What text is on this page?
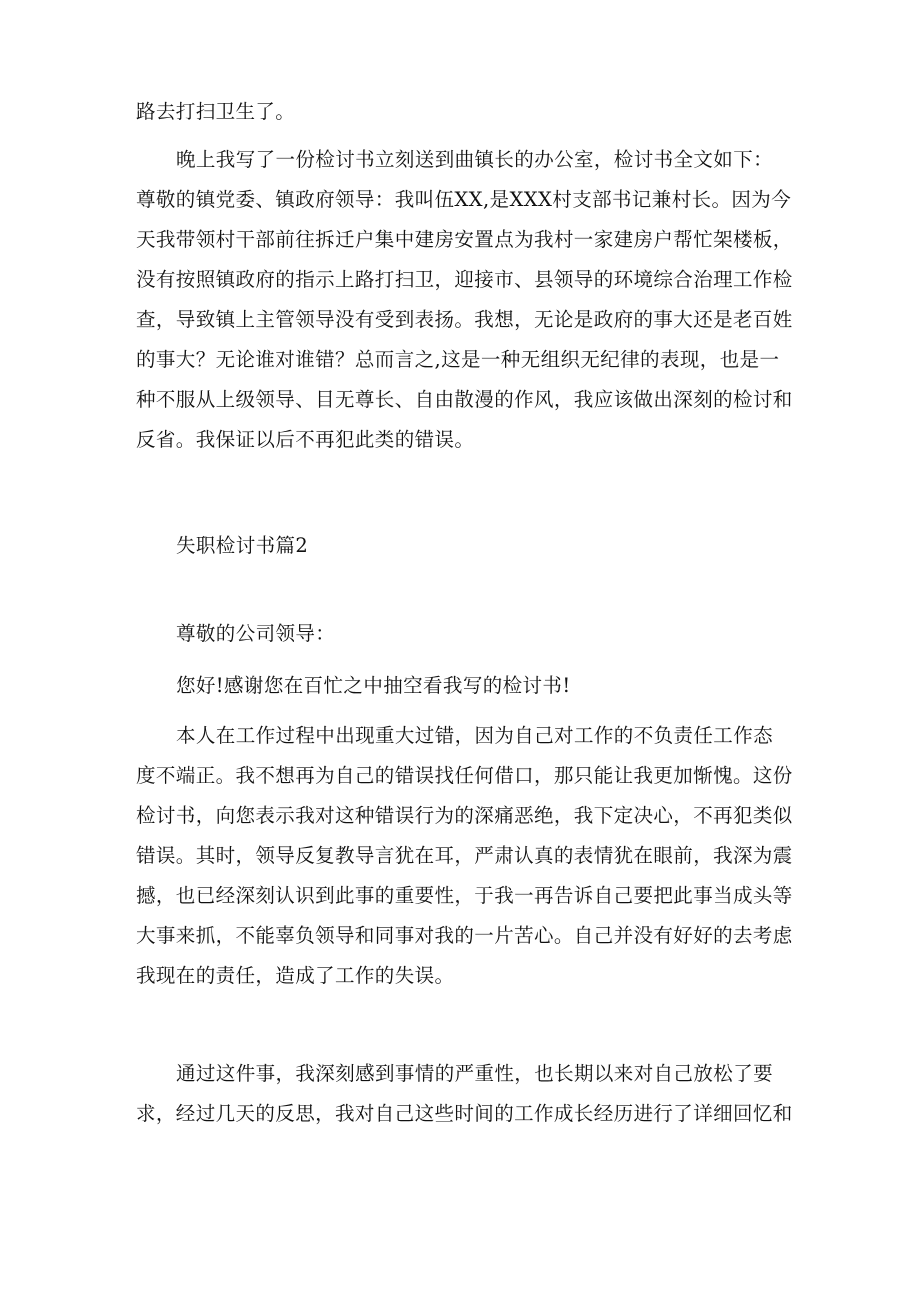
路去打扫卫生了。
晚上我写了一份检讨书立刻送到曲镇长的办公室，检讨书全文如下：
尊敬的镇党委、镇政府领导：我叫伍XX,是XXX村支部书记兼村长。因为今
天我带领村干部前往拆迁户集中建房安置点为我村一家建房户帮忙架楼板，
没有按照镇政府的指示上路打扫卫，迎接市、县领导的环境综合治理工作检
查，导致镇上主管领导没有受到表扬。我想，无论是政府的事大还是老百姓
的事大？无论谁对谁错？总而言之,这是一种无组织无纪律的表现，也是一
种不服从上级领导、目无尊长、自由散漫的作风，我应该做出深刻的检讨和
反省。我保证以后不再犯此类的错误。
失职检讨书篇2
尊敬的公司领导：
您好!感谢您在百忙之中抽空看我写的检讨书!
本人在工作过程中出现重大过错，因为自己对工作的不负责任工作态
度不端正。我不想再为自己的错误找任何借口，那只能让我更加惭愧。这份
检讨书，向您表示我对这种错误行为的深痛恶绝，我下定决心，不再犯类似
错误。其时，领导反复教导言犹在耳，严肃认真的表情犹在眼前，我深为震
撼，也已经深刻认识到此事的重要性，于我一再告诉自己要把此事当成头等
大事来抓，不能辜负领导和同事对我的一片苦心。自己并没有好好的去考虑
我现在的责任，造成了工作的失误。
通过这件事，我深刻感到事情的严重性，也长期以来对自己放松了要
求，经过几天的反思，我对自己这些时间的工作成长经历进行了详细回忆和
